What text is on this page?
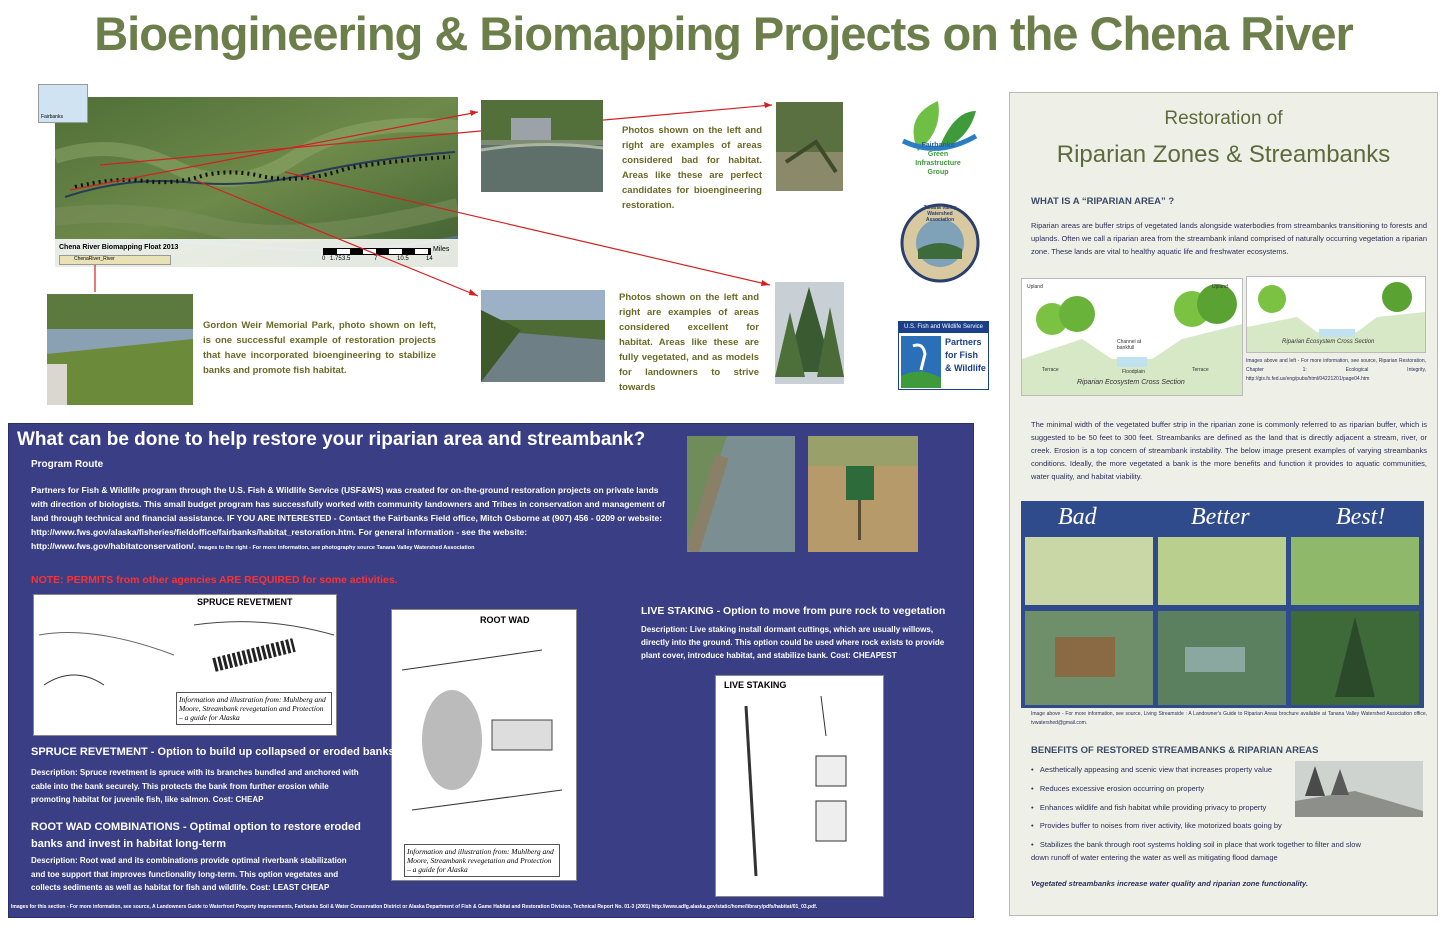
Bioengineering & Biomapping Projects on the Chena River
Fairbanks
Chena River Biomapping Float 2013
ChenaRiver_River
Miles
0 1.75 3.5	7	10.5	14
Photos shown on the left and right are examples of areas considered bad for habitat. Areas like these are perfect candidates for bioengineering restoration.
Photos shown on the left and right are examples of areas considered excellent for habitat. Areas like these are fully vegetated, and as models for landowners to strive towards
Gordon Weir Memorial Park, photo shown on left, is one successful example of restoration projects that have incorporated bioengineering to stabilize banks and promote fish habitat.
Fairbanks
Green
Infrastructure
Group
Tanana Valley Watershed Association
U.S. Fish and Wildlife Service
Partners
for Fish
& Wildlife
What can be done to help restore your riparian area and streambank?
Program Route
Partners for Fish & Wildlife program through the U.S. Fish & Wildlife Service (USF&WS) was created for on-the-ground restoration projects on private lands with direction of biologists. This small budget program has successfully worked with community landowners and Tribes in conservation and management of land through technical and financial assistance. IF YOU ARE INTERESTED - Contact the Fairbanks Field office, Mitch Osborne at (907) 456 - 0209 or website: http://www.fws.gov/alaska/fisheries/fieldoffice/fairbanks/habitat_restoration.htm. For general information - see the website: http://www.fws.gov/habitatconservation/. Images to the right - For more information, see photography source Tanana Valley Watershed Association
NOTE: PERMITS from other agencies ARE REQUIRED for some activities.
SPRUCE REVETMENT
Information and illustration from: Muhlberg and Moore, Streambank revegetation and Protection – a guide for Alaska
ROOT WAD
Information and illustration from: Muhlberg and Moore, Streambank revegetation and Protection – a guide for Alaska
LIVE STAKING - Option to move from pure rock to vegetation
Description: Live staking install dormant cuttings, which are usually willows, directly into the ground. This option could be used where rock exists to provide plant cover, introduce habitat, and stabilize bank. Cost: CHEAPEST
LIVE STAKING
SPRUCE REVETMENT - Option to build up collapsed or eroded banks
Description: Spruce revetment is spruce with its branches bundled and anchored with cable into the bank securely. This protects the bank from further erosion while promoting habitat for juvenile fish, like salmon. Cost: CHEAP
ROOT WAD COMBINATIONS - Optimal option to restore eroded banks and invest in habitat long-term
Description: Root wad and its combinations provide optimal riverbank stabilization and toe support that improves functionality long-term. This option vegetates and collects sediments as well as habitat for fish and wildlife. Cost: LEAST CHEAP
Images for this section - For more information, see source, A Landowners Guide to Waterfront Property Improvements, Fairbanks Soil & Water Conservation District or Alaska Department of Fish & Game Habitat and Restoration Division, Technical Report No. 01-3 (2001) http://www.adfg.alaska.gov/static/home/library/pdfs/habitat/01_03.pdf.
Restoration of
Riparian Zones & Streambanks
WHAT IS A “RIPARIAN AREA” ?
Riparian areas are buffer strips of vegetated lands alongside waterbodies from streambanks transitioning to forests and uplands. Often we call a riparian area from the streambank inland comprised of naturally occurring vegetation a riparian zone. These lands are vital to healthy aquatic life and freshwater ecosystems.
Upland	Upland
Channel at bankfull
Terrace	Floodplain	Terrace
Riparian Ecosystem Cross Section
Riparian Ecosystem Cross Section
Images above and left - For more information, see source, Riparian Restoration, Chapter 1: Ecological Integrity, http://gis.fs.fed.us/eng/pubs/html/04221201/page04.htm
The minimal width of the vegetated buffer strip in the riparian zone is commonly referred to as riparian buffer, which is suggested to be 50 feet to 300 feet. Streambanks are defined as the land that is directly adjacent a stream, river, or creek. Erosion is a top concern of streambank instability. The below image present examples of varying streambanks conditions. Ideally, the more vegetated a bank is the more benefits and function it provides to aquatic communities, water quality, and habitat viability.
Bad	Better	Best!
Image above - For more information, see source, Living Streamside : A Landowner's Guide to Riparian Areas brochure available at Tanana Valley Watershed Association office, tvwatershed@gmail.com.
BENEFITS OF RESTORED STREAMBANKS & RIPARIAN AREAS
•   Aesthetically appeasing and scenic view that increases property value
•   Reduces excessive erosion occurring on property
•   Enhances wildlife and fish habitat while providing privacy to property
•   Provides buffer to noises from river activity, like motorized boats going by
•   Stabilizes the bank through root systems holding soil in place that work together to filter and slow down runoff of water entering the water as well as mitigating flood damage
Vegetated streambanks increase water quality and riparian zone functionality.
